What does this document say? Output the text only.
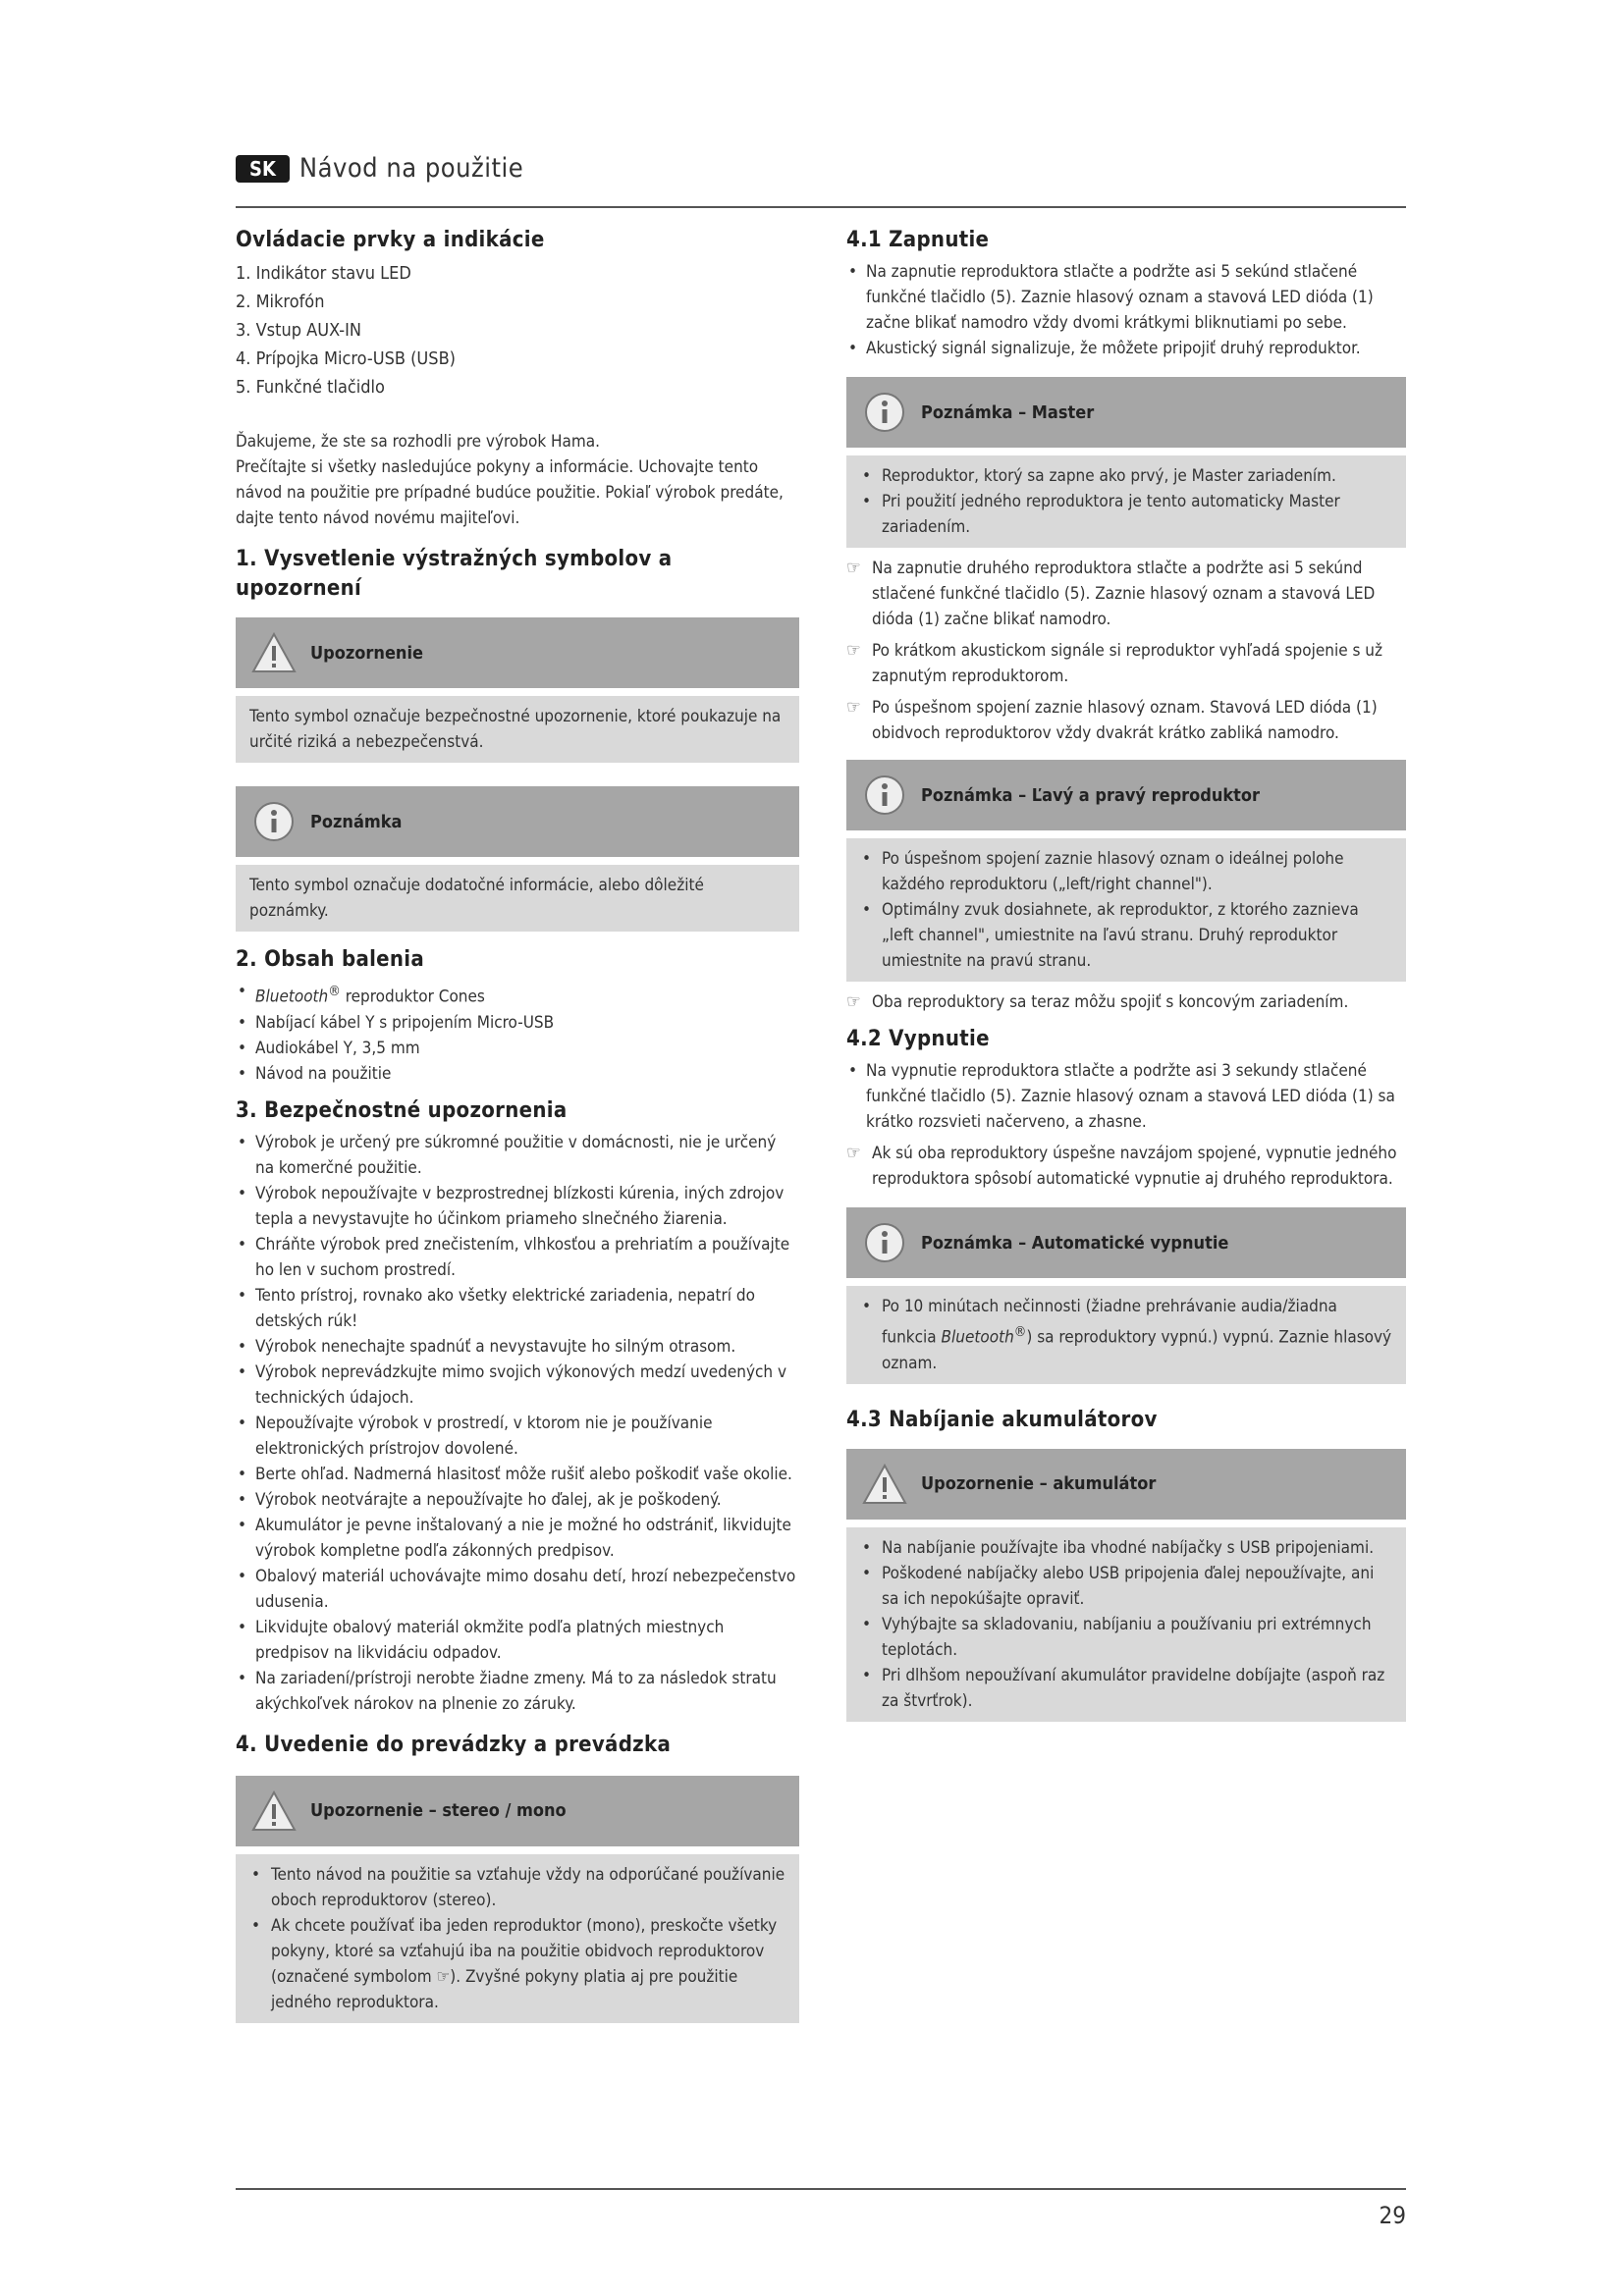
SK Návod na použitie
Ovládacie prvky a indikácie
1. Indikátor stavu LED
2. Mikrofón
3. Vstup AUX-IN
4. Prípojka Micro-USB (USB)
5. Funkčné tlačidlo

Ďakujeme, že ste sa rozhodli pre výrobok Hama.

Prečítajte si všetky nasledujúce pokyny a informácie. Uchovajte tento návod na použitie pre prípadné budúce použitie. Pokiaľ výrobok predáte, dajte tento návod novému majiteľovi.

1. Vysvetlenie výstražných symbolov a upozornení
Upozornenie
Tento symbol označuje bezpečnostné upozornenie, ktoré poukazuje na určité riziká a nebezpečenstvá.
Poznámka
Tento symbol označuje dodatočné informácie, alebo dôležité poznámky.
2. Obsah balenia
• Bluetooth® reproduktor Cones
• Nabíjací kábel Y s pripojením Micro-USB
• Audiokábel Y, 3,5 mm
• Návod na použitie
3. Bezpečnostné upozornenia
• Výrobok je určený pre súkromné použitie v domácnosti, nie je určený na komerčné použitie.
• Výrobok nepoužívajte v bezprostrednej blízkosti kúrenia, iných zdrojov tepla a nevystavujte ho účinkom priameho slnečného žiarenia.
• Chráňte výrobok pred znečistením, vlhkosťou a prehriatím a používajte ho len v suchom prostredí.
• Tento prístroj, rovnako ako všetky elektrické zariadenia, nepatrí do detských rúk!
• Výrobok nenechajte spadnúť a nevystavujte ho silným otrasom.
• Výrobok neprevádzkujte mimo svojich výkonových medzí uvedených v technických údajoch.
• Nepoužívajte výrobok v prostredí, v ktorom nie je používanie elektronických prístrojov dovolené.
• Berte ohľad. Nadmerná hlasitosť môže rušiť alebo poškodiť vaše okolie.
• Výrobok neotvárajte a nepoužívajte ho ďalej, ak je poškodený.
• Akumulátor je pevne inštalovaný a nie je možné ho odstrániť, likvidujte výrobok kompletne podľa zákonných predpisov.
• Obalový materiál uchovávajte mimo dosahu detí, hrozí nebezpečenstvo udusenia.
• Likvidujte obalový materiál okmžite podľa platných miestnych predpisov na likvidáciu odpadov.
• Na zariadení/prístroji nerobte žiadne zmeny. Má to za následok stratu akýchkoľvek nárokov na plnenie zo záruky.
4. Uvedenie do prevádzky a prevádzka
Upozornenie – stereo / mono
• Tento návod na použitie sa vzťahuje vždy na odporúčané používanie oboch reproduktorov (stereo).
• Ak chcete používať iba jeden reproduktor (mono), preskočte všetky pokyny, ktoré sa vzťahujú iba na použitie obidvoch reproduktorov (označené symbolom ☞). Zvyšné pokyny platia aj pre použitie jedného reproduktora.
4.1 Zapnutie
• Na zapnutie reproduktora stlačte a podržte asi 5 sekúnd stlačené funkčné tlačidlo (5). Zaznie hlasový oznam a stavová LED dióda (1) začne blikať namodro vždy dvomi krátkymi bliknutiami po sebe.
• Akustický signál signalizuje, že môžete pripojiť druhý reproduktor.
Poznámka – Master
• Reproduktor, ktorý sa zapne ako prvý, je Master zariadením.
• Pri použití jedného reproduktora je tento automaticky Master zariadením.
☞ Na zapnutie druhého reproduktora stlačte a podržte asi 5 sekúnd stlačené funkčné tlačidlo (5). Zaznie hlasový oznam a stavová LED dióda (1) začne blikať namodro.
☞ Po krátkom akustickom signále si reproduktor vyhľadá spojenie s už zapnutým reproduktorom.
☞ Po úspešnom spojení zaznie hlasový oznam. Stavová LED dióda (1) obidvoch reproduktorov vždy dvakrát krátko zabliká namodro.
Poznámka – Ľavý a pravý reproduktor
• Po úspešnom spojení zaznie hlasový oznam o ideálnej polohe každého reproduktoru („left/right channel").
• Optimálny zvuk dosiahnete, ak reproduktor, z ktorého zaznieva „left channel", umiestnite na ľavú stranu. Druhý reproduktor umiestnite na pravú stranu.
☞ Oba reproduktory sa teraz môžu spojiť s koncovým zariadením.
4.2 Vypnutie
• Na vypnutie reproduktora stlačte a podržte asi 3 sekundy stlačené funkčné tlačidlo (5). Zaznie hlasový oznam a stavová LED dióda (1) sa krátko rozsvieti načerveno, a zhasne.
☞ Ak sú oba reproduktory úspešne navzájom spojené, vypnutie jedného reproduktora spôsobí automatické vypnutie aj druhého reproduktora.
Poznámka – Automatické vypnutie
• Po 10 minútach nečinnosti (žiadne prehrávanie audia/žiadna funkcia Bluetooth®) sa reproduktory vypnú.) vypnú. Zaznie hlasový oznam.
4.3 Nabíjanie akumulátorov
Upozornenie – akumulátor
• Na nabíjanie používajte iba vhodné nabíjačky s USB pripojeniami.
• Poškodené nabíjačky alebo USB pripojenia ďalej nepoužívajte, ani sa ich nepokúšajte opraviť.
• Vyhýbajte sa skladovaniu, nabíjaniu a používaniu pri extrémnych teplotách.
• Pri dlhšom nepoužívaní akumulátor pravidelne dobíjajte (aspoň raz za štvrťrok).
29
